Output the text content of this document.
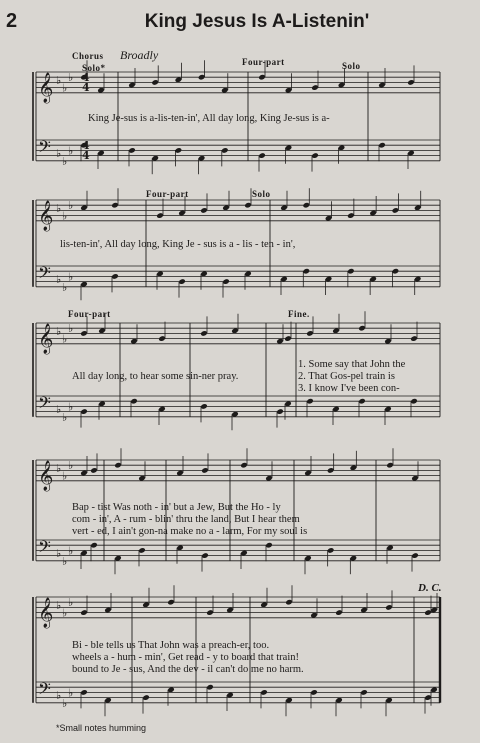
2	King Jesus Is A-Listenin'
Chorus Broadly
Solo*
Four-part	Solo
Four-part	Solo
Four-part	Fine.
D. C.
King Je-sus is a-lis-ten-in', All day long, King Je-sus is a-
lis-ten-in', All day long, King Je - sus is a - lis - ten - in',
All day long, to hear some sin-ner pray.
1. Some say that John the
2. That Gos-pel train is
3. I know I've been con-
Bap - tist Was noth - in' but a Jew, But the Ho - ly
com - in', A - rum - blin' thru the land, But I hear them
vert - ed, I ain't gon-na make no a - larm, For my soul is
Bi - ble tells us That John was a preach-er, too.
wheels a - hum - min', Get read - y to board that train!
bound to Je - sus, And the dev - il can't do me no harm.
*Small notes humming
𝄞 ♭
♭
♭
𝄢 ♭
♭
♭
𝄞 ♭
♭
♭
𝄢 ♭
♭
♭
𝄞 ♭
♭
♭
𝄢 ♭
♭
♭
𝄞 ♭
♭
♭
𝄢 ♭
♭
♭
𝄞 ♭
♭
♭
𝄢 ♭
♭
♭
4
4
4
4
